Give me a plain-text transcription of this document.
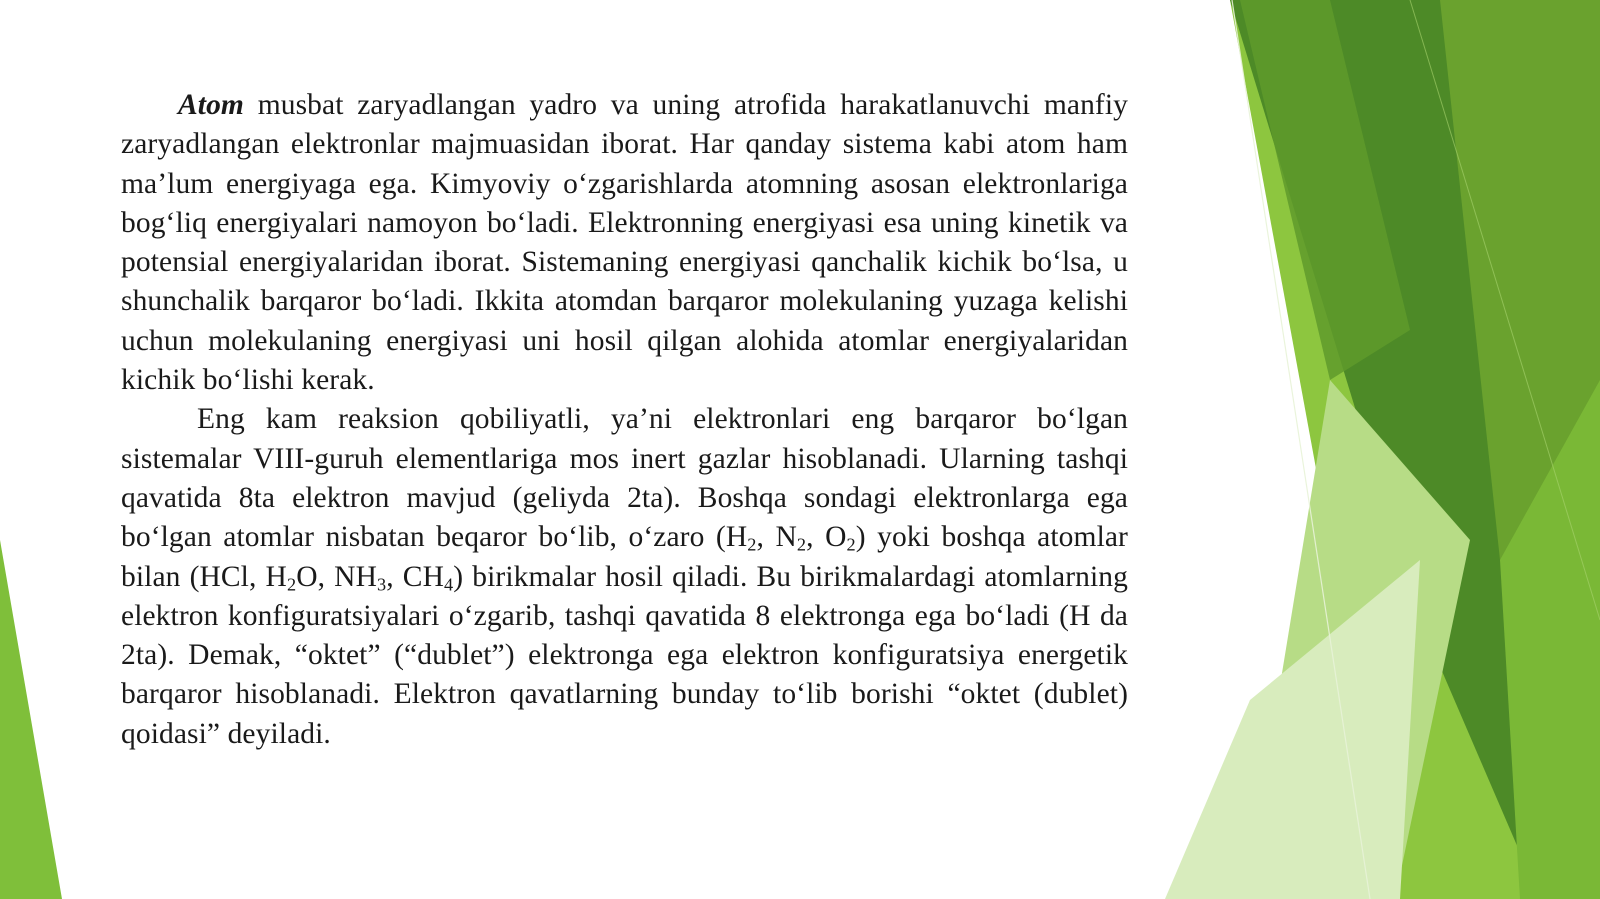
Atom musbat zaryadlangan yadro va uning atrofida harakatlanuvchi manfiy zaryadlangan elektronlar majmuasidan iborat. Har qanday sistema kabi atom ham ma’lum energiyaga ega. Kimyoviy o‘zgarishlarda atomning asosan elektronlariga bog‘liq energiyalari namoyon bo‘ladi. Elektronning energiyasi esa uning kinetik va potensial energiyalaridan iborat. Sistemaning energiyasi qanchalik kichik bo‘lsa, u shunchalik barqaror bo‘ladi. Ikkita atomdan barqaror molekulaning yuzaga kelishi uchun molekulaning energiyasi uni hosil qilgan alohida atomlar energiyalaridan kichik bo‘lishi kerak.

Eng kam reaksion qobiliyatli, ya’ni elektronlari eng barqaror bo‘lgan sistemalar VIII-guruh elementlariga mos inert gazlar hisoblanadi. Ularning tashqi qavatida 8ta elektron mavjud (geliyda 2ta). Boshqa sondagi elektronlarga ega bo‘lgan atomlar nisbatan beqaror bo‘lib, o‘zaro ($H_2$, $N_2$, $O_2$) yoki boshqa atomlar bilan (HCl, $H_2O$, $NH_3$, $CH_4$) birikmalar hosil qiladi. Bu birikmalardagi atomlarning elektron konfiguratsiyalari o‘zgarib, tashqi qavatida 8 elektronga ega bo‘ladi (H da 2ta). Demak, “oktet” (“dublet”) elektronga ega elektron konfiguratsiya energetik barqaror hisoblanadi. Elektron qavatlarning bunday to‘lib borishi “oktet (dublet) qoidasi” deyiladi.
